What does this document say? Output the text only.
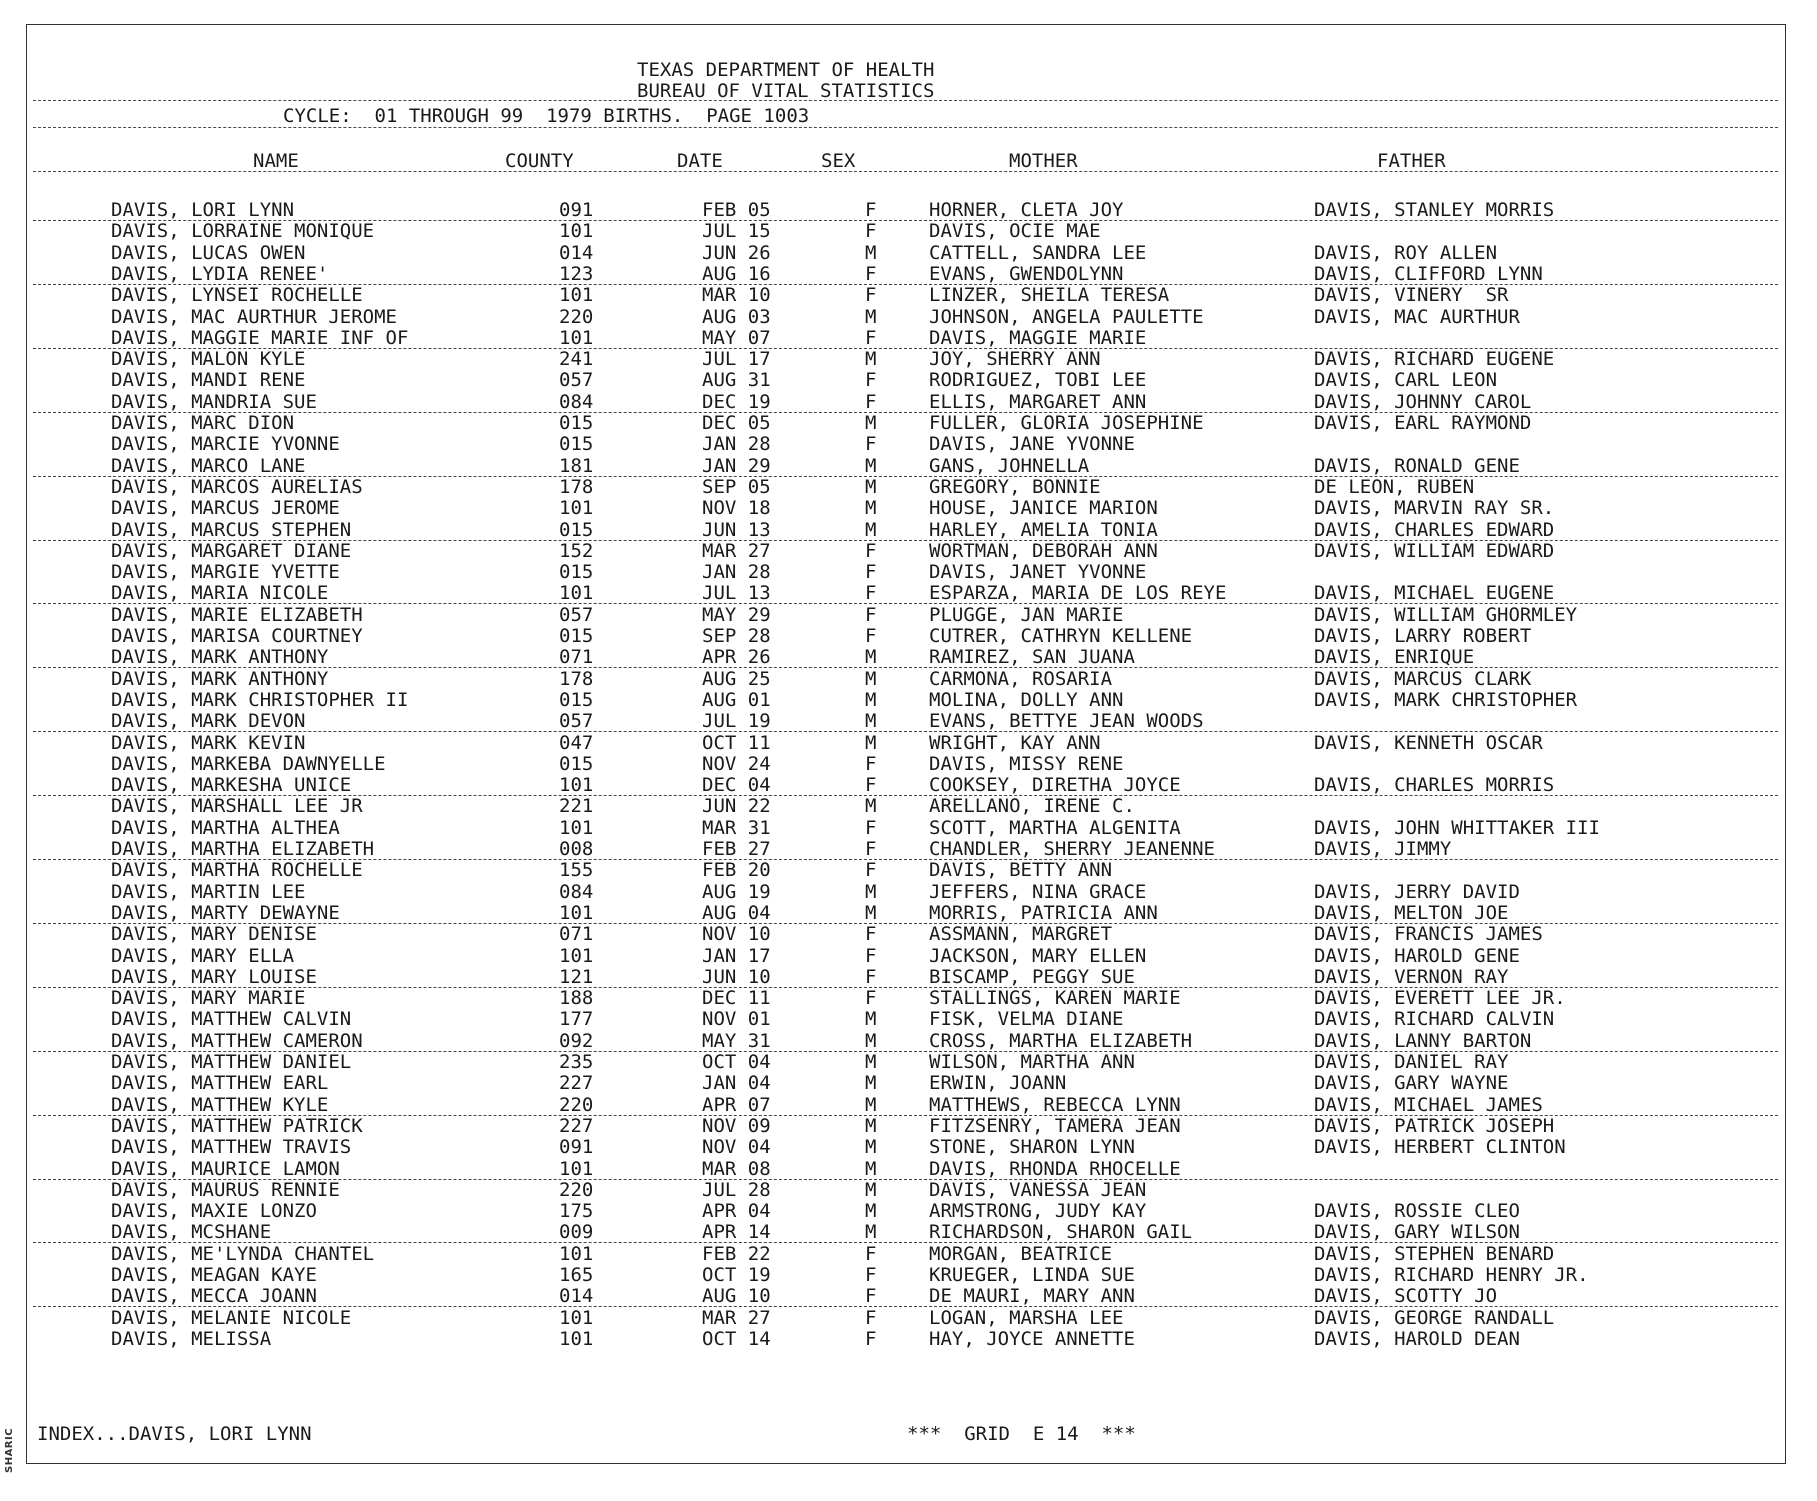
SHARIC
TEXAS DEPARTMENT OF HEALTH
BUREAU OF VITAL STATISTICS
CYCLE:  01 THROUGH 99  1979 BIRTHS.  PAGE 1003
NAME	COUNTY	DATE	SEX	MOTHER	FATHER
DAVIS, LORI LYNN	091	FEB 05	F	HORNER, CLETA JOY	DAVIS, STANLEY MORRIS
DAVIS, LORRAINE MONIQUE	101	JUL 15	F	DAVIS, OCIE MAE
DAVIS, LUCAS OWEN	014	JUN 26	M	CATTELL, SANDRA LEE	DAVIS, ROY ALLEN
DAVIS, LYDIA RENEE'	123	AUG 16	F	EVANS, GWENDOLYNN	DAVIS, CLIFFORD LYNN
DAVIS, LYNSEI ROCHELLE	101	MAR 10	F	LINZER, SHEILA TERESA	DAVIS, VINERY  SR
DAVIS, MAC AURTHUR JEROME	220	AUG 03	M	JOHNSON, ANGELA PAULETTE	DAVIS, MAC AURTHUR
DAVIS, MAGGIE MARIE INF OF	101	MAY 07	F	DAVIS, MAGGIE MARIE
DAVIS, MALON KYLE	241	JUL 17	M	JOY, SHERRY ANN	DAVIS, RICHARD EUGENE
DAVIS, MANDI RENE	057	AUG 31	F	RODRIGUEZ, TOBI LEE	DAVIS, CARL LEON
DAVIS, MANDRIA SUE	084	DEC 19	F	ELLIS, MARGARET ANN	DAVIS, JOHNNY CAROL
DAVIS, MARC DION	015	DEC 05	M	FULLER, GLORIA JOSEPHINE	DAVIS, EARL RAYMOND
DAVIS, MARCIE YVONNE	015	JAN 28	F	DAVIS, JANE YVONNE
DAVIS, MARCO LANE	181	JAN 29	M	GANS, JOHNELLA	DAVIS, RONALD GENE
DAVIS, MARCOS AURELIAS	178	SEP 05	M	GREGORY, BONNIE	DE LEON, RUBEN
DAVIS, MARCUS JEROME	101	NOV 18	M	HOUSE, JANICE MARION	DAVIS, MARVIN RAY SR.
DAVIS, MARCUS STEPHEN	015	JUN 13	M	HARLEY, AMELIA TONIA	DAVIS, CHARLES EDWARD
DAVIS, MARGARET DIANE	152	MAR 27	F	WORTMAN, DEBORAH ANN	DAVIS, WILLIAM EDWARD
DAVIS, MARGIE YVETTE	015	JAN 28	F	DAVIS, JANET YVONNE
DAVIS, MARIA NICOLE	101	JUL 13	F	ESPARZA, MARIA DE LOS REYE	DAVIS, MICHAEL EUGENE
DAVIS, MARIE ELIZABETH	057	MAY 29	F	PLUGGE, JAN MARIE	DAVIS, WILLIAM GHORMLEY
DAVIS, MARISA COURTNEY	015	SEP 28	F	CUTRER, CATHRYN KELLENE	DAVIS, LARRY ROBERT
DAVIS, MARK ANTHONY	071	APR 26	M	RAMIREZ, SAN JUANA	DAVIS, ENRIQUE
DAVIS, MARK ANTHONY	178	AUG 25	M	CARMONA, ROSARIA	DAVIS, MARCUS CLARK
DAVIS, MARK CHRISTOPHER II	015	AUG 01	M	MOLINA, DOLLY ANN	DAVIS, MARK CHRISTOPHER
DAVIS, MARK DEVON	057	JUL 19	M	EVANS, BETTYE JEAN WOODS
DAVIS, MARK KEVIN	047	OCT 11	M	WRIGHT, KAY ANN	DAVIS, KENNETH OSCAR
DAVIS, MARKEBA DAWNYELLE	015	NOV 24	F	DAVIS, MISSY RENE
DAVIS, MARKESHA UNICE	101	DEC 04	F	COOKSEY, DIRETHA JOYCE	DAVIS, CHARLES MORRIS
DAVIS, MARSHALL LEE JR	221	JUN 22	M	ARELLANO, IRENE C.
DAVIS, MARTHA ALTHEA	101	MAR 31	F	SCOTT, MARTHA ALGENITA	DAVIS, JOHN WHITTAKER III
DAVIS, MARTHA ELIZABETH	008	FEB 27	F	CHANDLER, SHERRY JEANENNE	DAVIS, JIMMY
DAVIS, MARTHA ROCHELLE	155	FEB 20	F	DAVIS, BETTY ANN
DAVIS, MARTIN LEE	084	AUG 19	M	JEFFERS, NINA GRACE	DAVIS, JERRY DAVID
DAVIS, MARTY DEWAYNE	101	AUG 04	M	MORRIS, PATRICIA ANN	DAVIS, MELTON JOE
DAVIS, MARY DENISE	071	NOV 10	F	ASSMANN, MARGRET	DAVIS, FRANCIS JAMES
DAVIS, MARY ELLA	101	JAN 17	F	JACKSON, MARY ELLEN	DAVIS, HAROLD GENE
DAVIS, MARY LOUISE	121	JUN 10	F	BISCAMP, PEGGY SUE	DAVIS, VERNON RAY
DAVIS, MARY MARIE	188	DEC 11	F	STALLINGS, KAREN MARIE	DAVIS, EVERETT LEE JR.
DAVIS, MATTHEW CALVIN	177	NOV 01	M	FISK, VELMA DIANE	DAVIS, RICHARD CALVIN
DAVIS, MATTHEW CAMERON	092	MAY 31	M	CROSS, MARTHA ELIZABETH	DAVIS, LANNY BARTON
DAVIS, MATTHEW DANIEL	235	OCT 04	M	WILSON, MARTHA ANN	DAVIS, DANIEL RAY
DAVIS, MATTHEW EARL	227	JAN 04	M	ERWIN, JOANN	DAVIS, GARY WAYNE
DAVIS, MATTHEW KYLE	220	APR 07	M	MATTHEWS, REBECCA LYNN	DAVIS, MICHAEL JAMES
DAVIS, MATTHEW PATRICK	227	NOV 09	M	FITZSENRY, TAMERA JEAN	DAVIS, PATRICK JOSEPH
DAVIS, MATTHEW TRAVIS	091	NOV 04	M	STONE, SHARON LYNN	DAVIS, HERBERT CLINTON
DAVIS, MAURICE LAMON	101	MAR 08	M	DAVIS, RHONDA RHOCELLE
DAVIS, MAURUS RENNIE	220	JUL 28	M	DAVIS, VANESSA JEAN
DAVIS, MAXIE LONZO	175	APR 04	M	ARMSTRONG, JUDY KAY	DAVIS, ROSSIE CLEO
DAVIS, MCSHANE	009	APR 14	M	RICHARDSON, SHARON GAIL	DAVIS, GARY WILSON
DAVIS, ME'LYNDA CHANTEL	101	FEB 22	F	MORGAN, BEATRICE	DAVIS, STEPHEN BENARD
DAVIS, MEAGAN KAYE	165	OCT 19	F	KRUEGER, LINDA SUE	DAVIS, RICHARD HENRY JR.
DAVIS, MECCA JOANN	014	AUG 10	F	DE MAURI, MARY ANN	DAVIS, SCOTTY JO
DAVIS, MELANIE NICOLE	101	MAR 27	F	LOGAN, MARSHA LEE	DAVIS, GEORGE RANDALL
DAVIS, MELISSA	101	OCT 14	F	HAY, JOYCE ANNETTE	DAVIS, HAROLD DEAN
INDEX...DAVIS, LORI LYNN	***  GRID  E 14  ***
